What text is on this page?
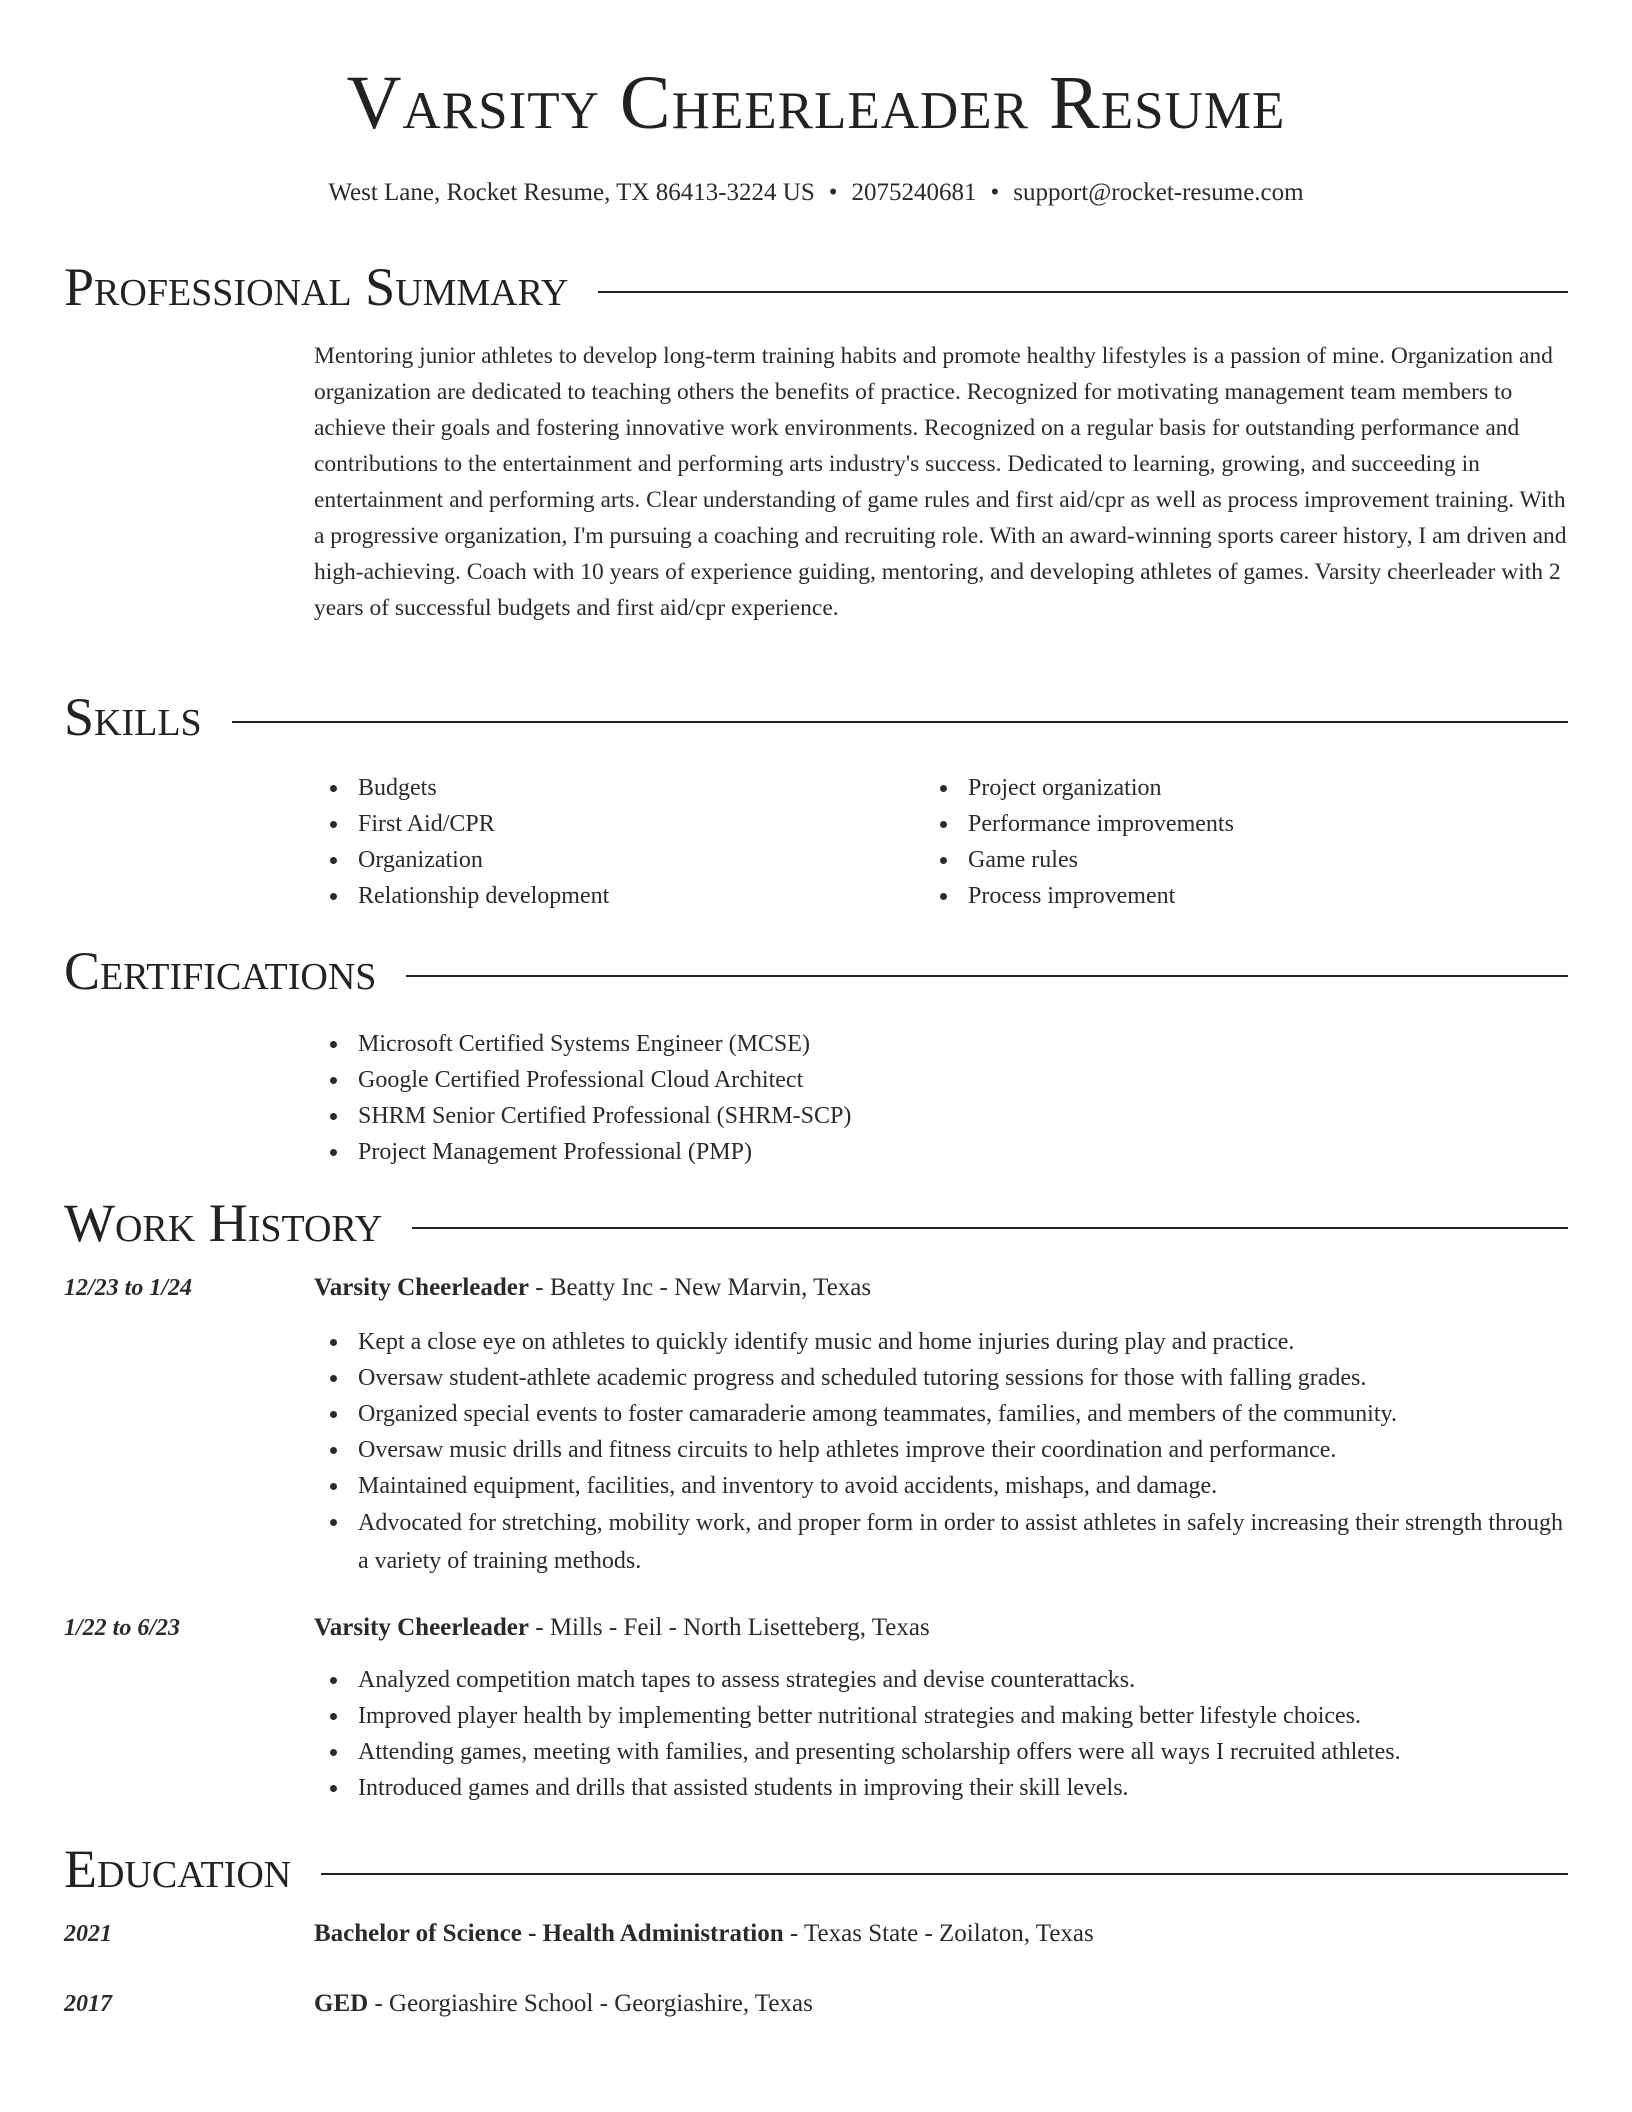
Varsity Cheerleader Resume
West Lane, Rocket Resume, TX 86413-3224 US • 2075240681 • support@rocket-resume.com
Professional Summary
Mentoring junior athletes to develop long-term training habits and promote healthy lifestyles is a passion of mine. Organization and organization are dedicated to teaching others the benefits of practice. Recognized for motivating management team members to achieve their goals and fostering innovative work environments. Recognized on a regular basis for outstanding performance and contributions to the entertainment and performing arts industry's success. Dedicated to learning, growing, and succeeding in entertainment and performing arts. Clear understanding of game rules and first aid/cpr as well as process improvement training. With a progressive organization, I'm pursuing a coaching and recruiting role. With an award-winning sports career history, I am driven and high-achieving. Coach with 10 years of experience guiding, mentoring, and developing athletes of games. Varsity cheerleader with 2 years of successful budgets and first aid/cpr experience.
Skills
Budgets
First Aid/CPR
Organization
Relationship development
Project organization
Performance improvements
Game rules
Process improvement
Certifications
Microsoft Certified Systems Engineer (MCSE)
Google Certified Professional Cloud Architect
SHRM Senior Certified Professional (SHRM-SCP)
Project Management Professional (PMP)
Work History
12/23 to 1/24	Varsity Cheerleader - Beatty Inc - New Marvin, Texas
Kept a close eye on athletes to quickly identify music and home injuries during play and practice.
Oversaw student-athlete academic progress and scheduled tutoring sessions for those with falling grades.
Organized special events to foster camaraderie among teammates, families, and members of the community.
Oversaw music drills and fitness circuits to help athletes improve their coordination and performance.
Maintained equipment, facilities, and inventory to avoid accidents, mishaps, and damage.
Advocated for stretching, mobility work, and proper form in order to assist athletes in safely increasing their strength through a variety of training methods.
1/22 to 6/23	Varsity Cheerleader - Mills - Feil - North Lisetteberg, Texas
Analyzed competition match tapes to assess strategies and devise counterattacks.
Improved player health by implementing better nutritional strategies and making better lifestyle choices.
Attending games, meeting with families, and presenting scholarship offers were all ways I recruited athletes.
Introduced games and drills that assisted students in improving their skill levels.
Education
2021	Bachelor of Science - Health Administration - Texas State - Zoilaton, Texas
2017	GED - Georgiashire School - Georgiashire, Texas
